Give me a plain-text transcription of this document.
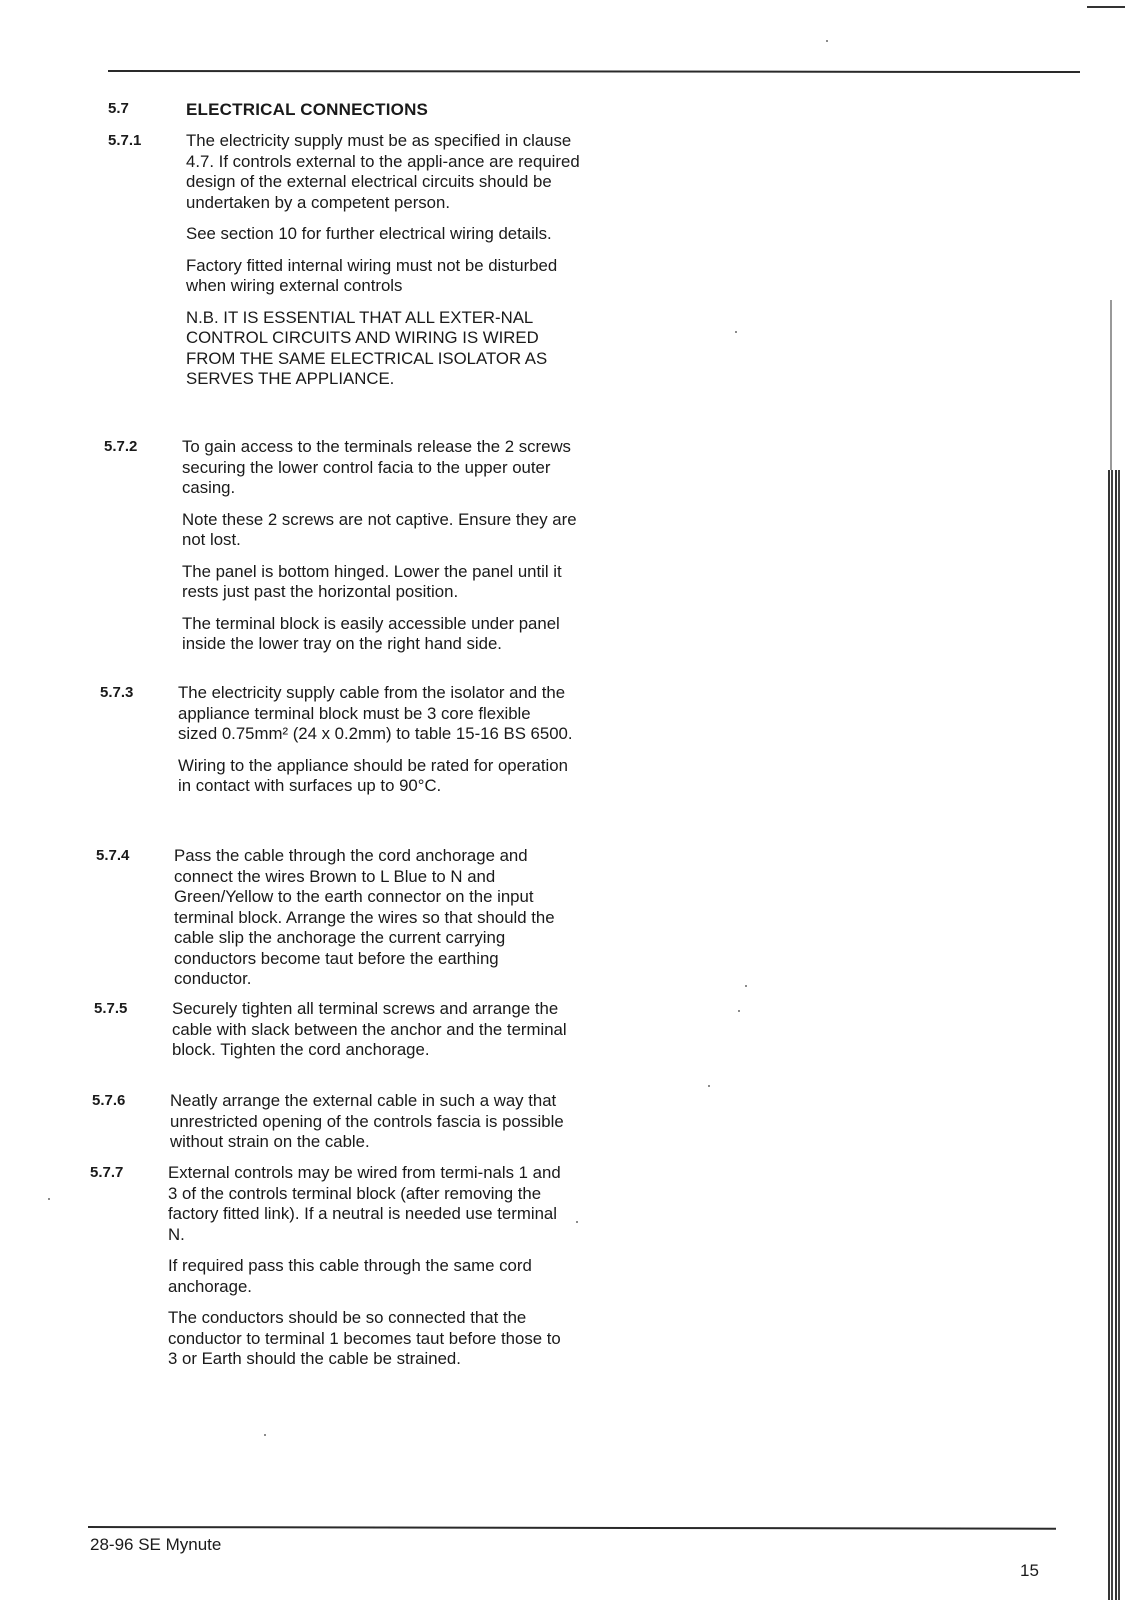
5.7	ELECTRICAL CONNECTIONS
5.7.1	The electricity supply must be as specified in clause 4.7. If controls external to the appli-ance are required design of the external electrical circuits should be undertaken by a competent person.

See section 10 for further electrical wiring details.

Factory fitted internal wiring must not be disturbed when wiring external controls

N.B. IT IS ESSENTIAL THAT ALL EXTER-NAL CONTROL CIRCUITS AND WIRING IS WIRED FROM THE SAME ELECTRICAL ISOLATOR AS SERVES THE APPLIANCE.

5.7.2	To gain access to the terminals release the 2 screws securing the lower control facia to the upper outer casing.

Note these 2 screws are not captive. Ensure they are not lost.

The panel is bottom hinged. Lower the panel until it rests just past the horizontal position.

The terminal block is easily accessible under panel inside the lower tray on the right hand side.

5.7.3	The electricity supply cable from the isolator and the appliance terminal block must be 3 core flexible sized 0.75mm² (24 x 0.2mm) to table 15-16 BS 6500.

Wiring to the appliance should be rated for operation in contact with surfaces up to 90°C.

5.7.4	Pass the cable through the cord anchorage and connect the wires Brown to L Blue to N and Green/Yellow to the earth connector on the input terminal block. Arrange the wires so that should the cable slip the anchorage the current carrying conductors become taut before the earthing conductor.

5.7.5	Securely tighten all terminal screws and arrange the cable with slack between the anchor and the terminal block. Tighten the cord anchorage.

5.7.6	Neatly arrange the external cable in such a way that unrestricted opening of the controls fascia is possible without strain on the cable.

5.7.7	External controls may be wired from termi-nals 1 and 3 of the controls terminal block (after removing the factory fitted link). If a neutral is needed use terminal N.

If required pass this cable through the same cord anchorage.

The conductors should be so connected that the conductor to terminal 1 becomes taut before those to 3 or Earth should the cable be strained.

28-96 SE Mynute
15
